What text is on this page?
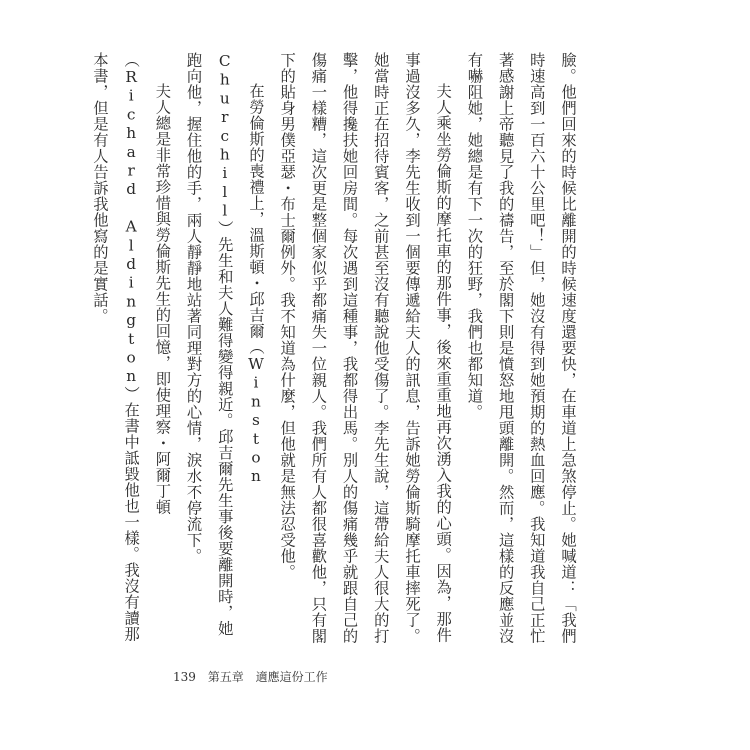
臉。他們回來的時候比離開的時候速度還要快，在車道上急煞停止。她喊道：「我們時速高到一百六十公里吧！」但，她沒有得到她預期的熱血回應。我知道我自己正忙著感謝上帝聽見了我的禱告，至於閣下則是憤怒地甩頭離開。然而，這樣的反應並沒有嚇阻她，她總是有下一次的狂野，我們也都知道。

夫人乘坐勞倫斯的摩托車的那件事，後來重重地再次湧入我的心頭。因為，那件事過沒多久，李先生收到一個要傳遞給夫人的訊息，告訴她勞倫斯騎摩托車摔死了。她當時正在招待賓客，之前甚至沒有聽說他受傷了。李先生說，這帶給夫人很大的打擊，他得攙扶她回房間。每次遇到這種事，我都得出馬。別人的傷痛幾乎就跟自己的傷痛一樣糟，這次更是整個家似乎都痛失一位親人。我們所有人都很喜歡他，只有閣下的貼身男僕亞瑟・布士爾例外。我不知道為什麼，但他就是無法忍受他。

在勞倫斯的喪禮上，溫斯頓・邱吉爾（Winston Churchill）先生和夫人難得變得親近。邱吉爾先生事後要離開時，她跑向他，握住他的手，兩人靜靜地站著同理對方的心情，淚水不停流下。

夫人總是非常珍惜與勞倫斯先生的回憶，即使理察・阿爾丁頓（Richard Aldington）在書中詆毀他也一樣。我沒有讀那本書，但是有人告訴我他寫的是實話。

139 第五章 適應這份工作
